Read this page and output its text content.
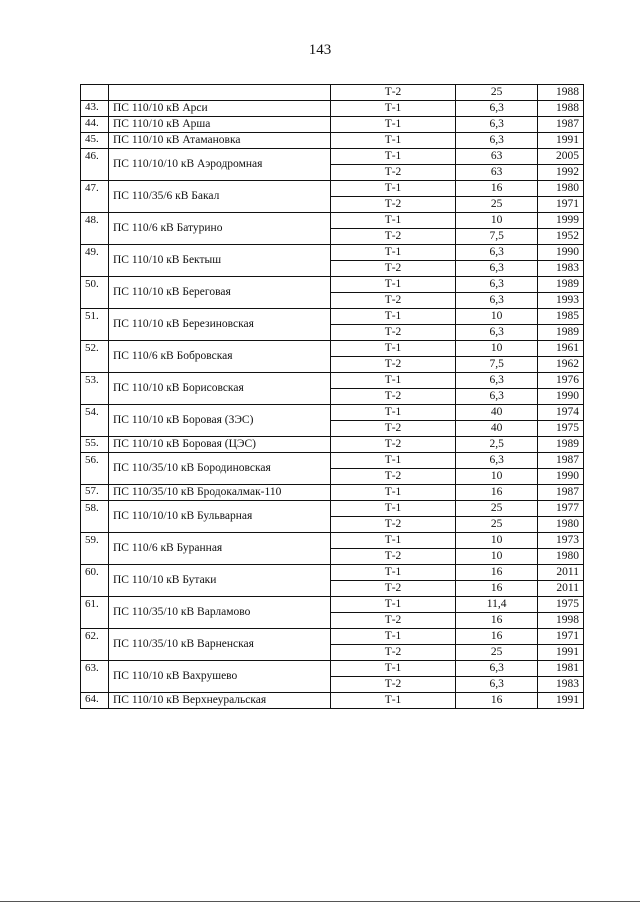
143
		Т-2	25	1988
43.	ПС 110/10 кВ Арси	Т-1	6,3	1988
44.	ПС 110/10 кВ Арша	Т-1	6,3	1987
45.	ПС 110/10 кВ Атамановка	Т-1	6,3	1991
46.	ПС 110/10/10 кВ Аэродромная	Т-1	63	2005
		Т-2	63	1992
47.	ПС 110/35/6 кВ Бакал	Т-1	16	1980
		Т-2	25	1971
48.	ПС 110/6 кВ Батурино	Т-1	10	1999
		Т-2	7,5	1952
49.	ПС 110/10 кВ Бектыш	Т-1	6,3	1990
		Т-2	6,3	1983
50.	ПС 110/10 кВ Береговая	Т-1	6,3	1989
		Т-2	6,3	1993
51.	ПС 110/10 кВ Березиновская	Т-1	10	1985
		Т-2	6,3	1989
52.	ПС 110/6 кВ Бобровская	Т-1	10	1961
		Т-2	7,5	1962
53.	ПС 110/10 кВ Борисовская	Т-1	6,3	1976
		Т-2	6,3	1990
54.	ПС 110/10 кВ Боровая (ЗЭС)	Т-1	40	1974
		Т-2	40	1975
55.	ПС 110/10 кВ Боровая (ЦЭС)	Т-2	2,5	1989
56.	ПС 110/35/10 кВ Бородиновская	Т-1	6,3	1987
		Т-2	10	1990
57.	ПС 110/35/10 кВ Бродокалмак-110	Т-1	16	1987
58.	ПС 110/10/10 кВ Бульварная	Т-1	25	1977
		Т-2	25	1980
59.	ПС 110/6 кВ Буранная	Т-1	10	1973
		Т-2	10	1980
60.	ПС 110/10 кВ Бутаки	Т-1	16	2011
		Т-2	16	2011
61.	ПС 110/35/10 кВ Варламово	Т-1	11,4	1975
		Т-2	16	1998
62.	ПС 110/35/10 кВ Варненская	Т-1	16	1971
		Т-2	25	1991
63.	ПС 110/10 кВ Вахрушево	Т-1	6,3	1981
		Т-2	6,3	1983
64.	ПС 110/10 кВ Верхнеуральская	Т-1	16	1991
